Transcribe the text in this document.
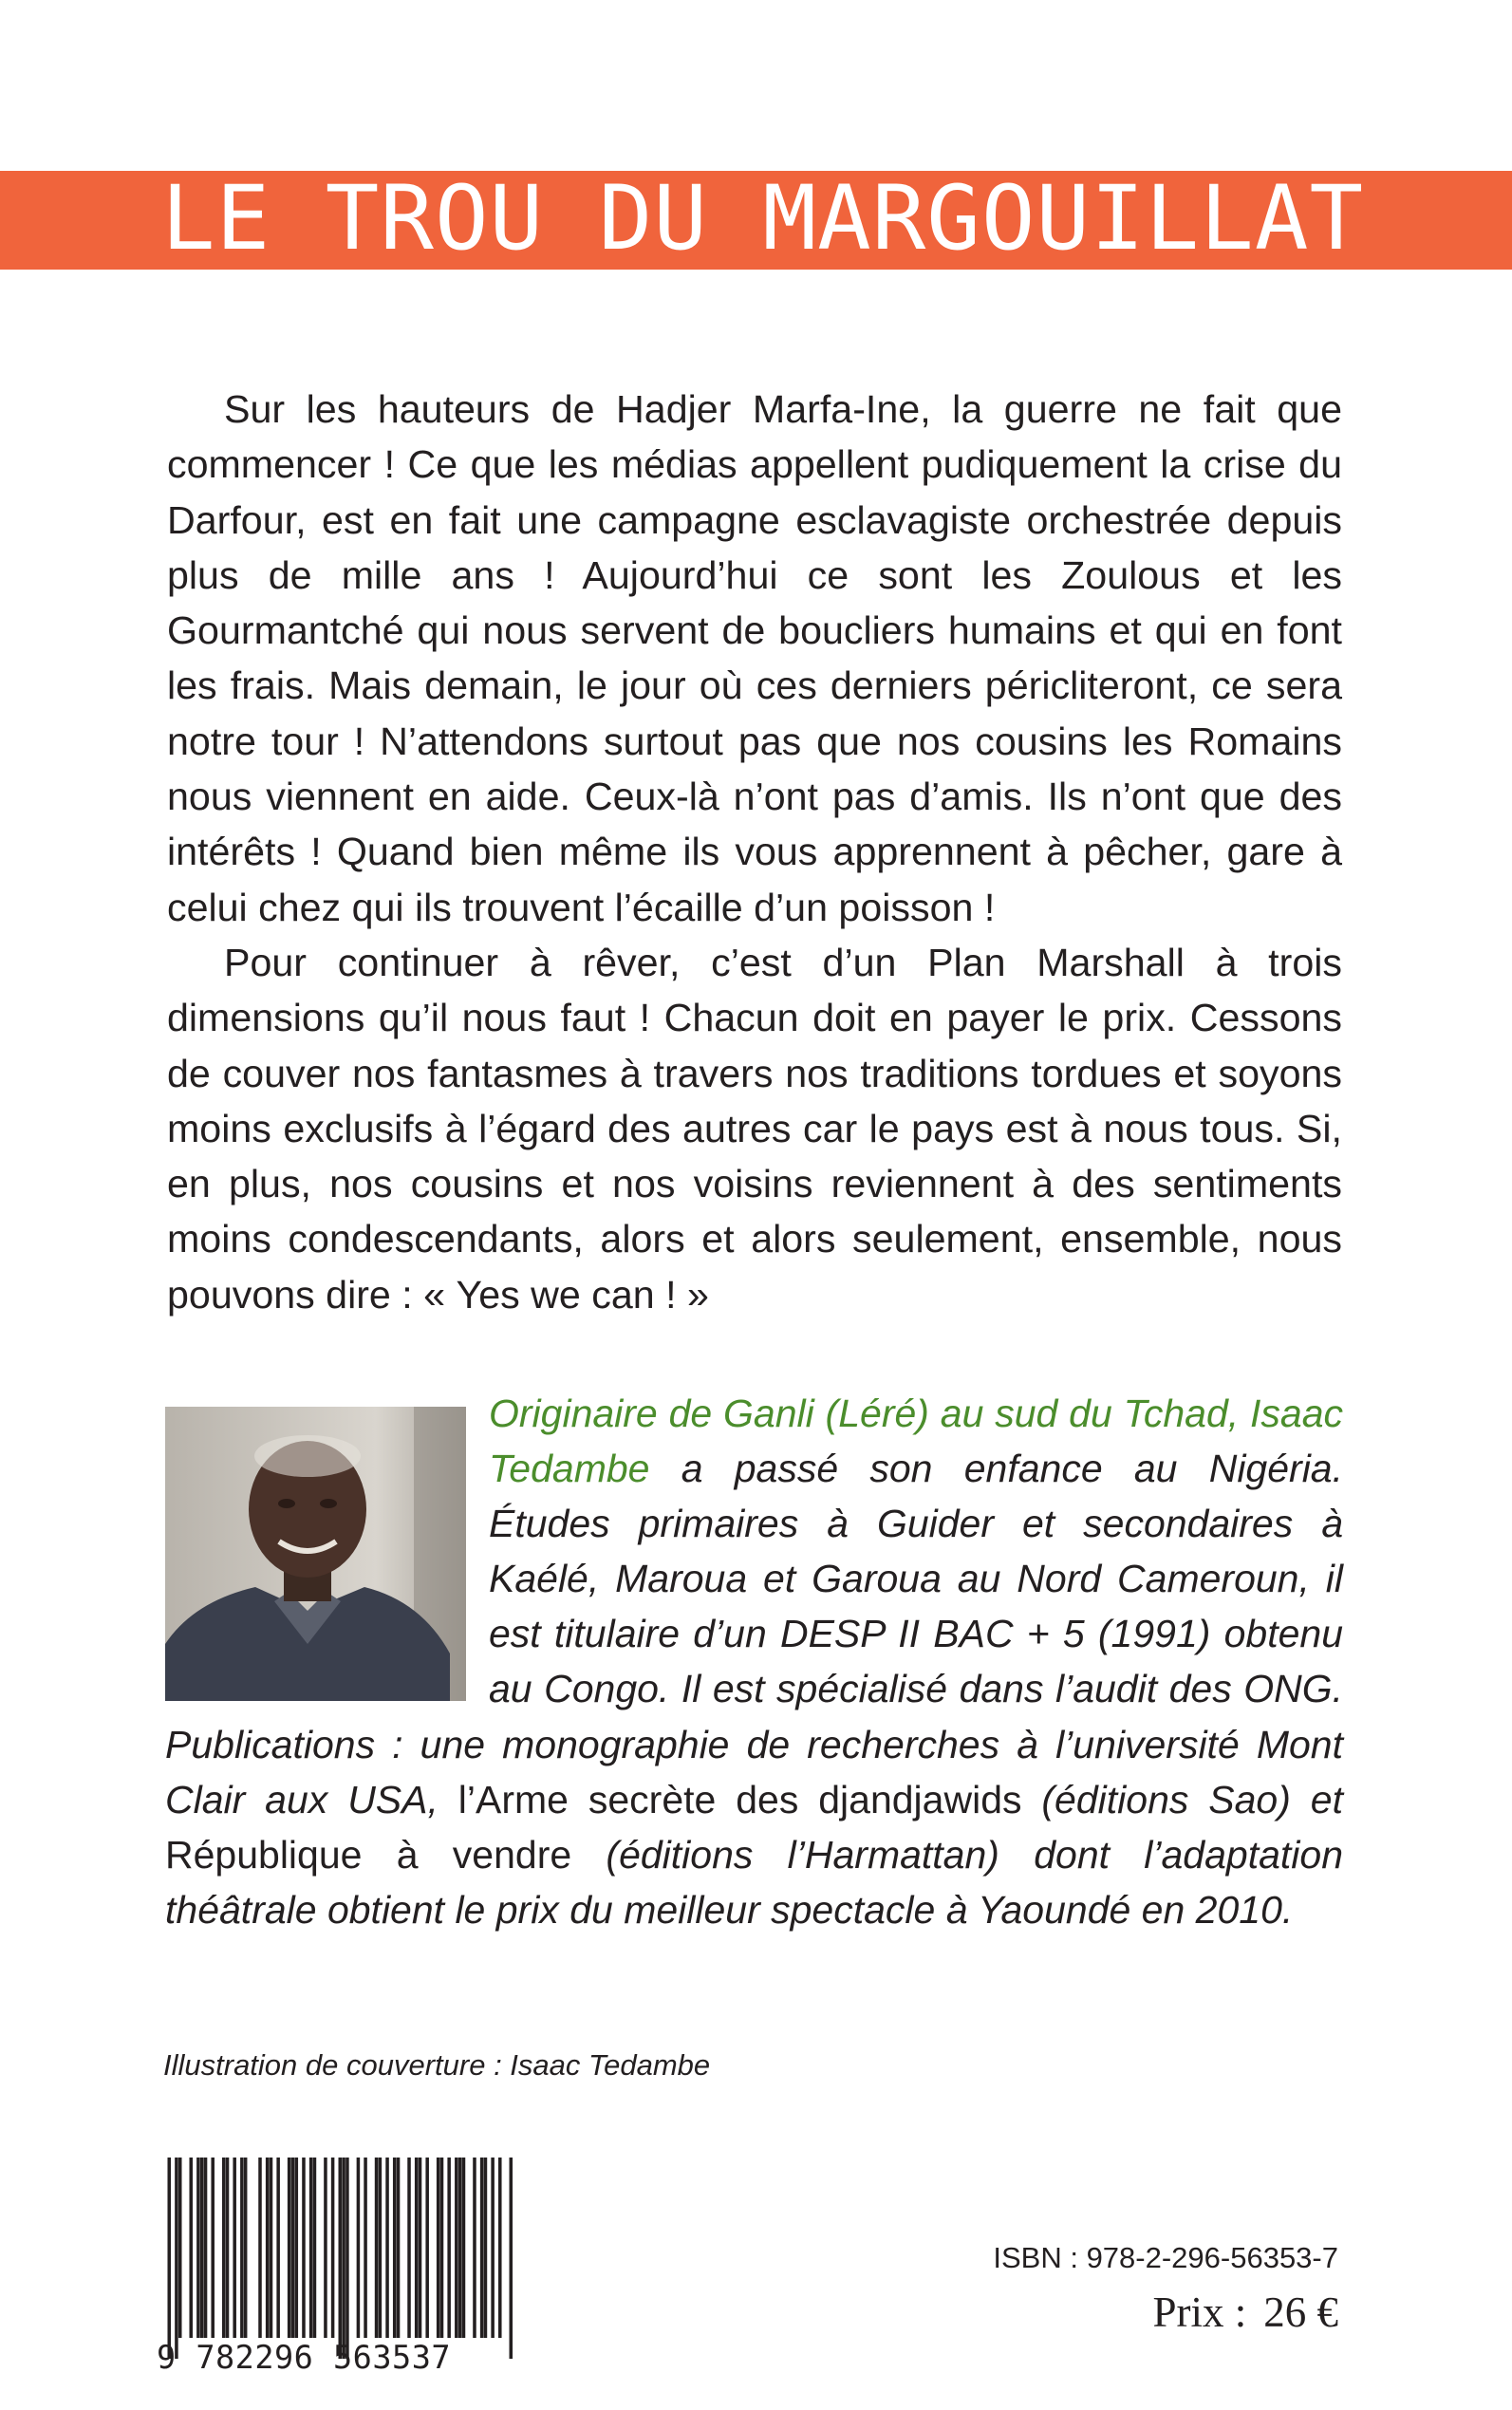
LE TROU DU MARGOUILLAT

Sur les hauteurs de Hadjer Marfa-Ine, la guerre ne fait que commencer ! Ce que les médias appellent pudiquement la crise du Darfour, est en fait une campagne esclavagiste orchestrée depuis plus de mille ans ! Aujourd’hui ce sont les Zoulous et les Gourmantché qui nous servent de boucliers humains et qui en font les frais. Mais demain, le jour où ces derniers péricliteront, ce sera notre tour ! N’attendons surtout pas que nos cousins les Romains nous viennent en aide. Ceux-là n’ont pas d’amis. Ils n’ont que des intérêts ! Quand bien même ils vous apprennent à pêcher, gare à celui chez qui ils trouvent l’écaille d’un poisson !

Pour continuer à rêver, c’est d’un Plan Marshall à trois dimensions qu’il nous faut ! Chacun doit en payer le prix. Cessons de couver nos fantasmes à travers nos traditions tordues et soyons moins exclusifs à l’égard des autres car le pays est à nous tous. Si, en plus, nos cousins et nos voisins reviennent à des sentiments moins condescendants, alors et alors seulement, ensemble, nous pouvons dire : « Yes we can ! »

Originaire de Ganli (Léré) au sud du Tchad, Isaac Tedambe a passé son enfance au Nigéria. Études primaires à Guider et secondaires à Kaélé, Maroua et Garoua au Nord Cameroun, il est titulaire d’un DESP II BAC + 5 (1991) obtenu au Congo. Il est spécialisé dans l’audit des ONG. Publications : une monographie de recherches à l’université Mont Clair aux USA, l’Arme secrète des djandjawids (éditions Sao) et République à vendre (éditions l’Harmattan) dont l’adaptation théâtrale obtient le prix du meilleur spectacle à Yaoundé en 2010.
Illustration de couverture : Isaac Tedambe
9 782296 563537
ISBN : 978-2-296-56353-7
Prix : 26 €
